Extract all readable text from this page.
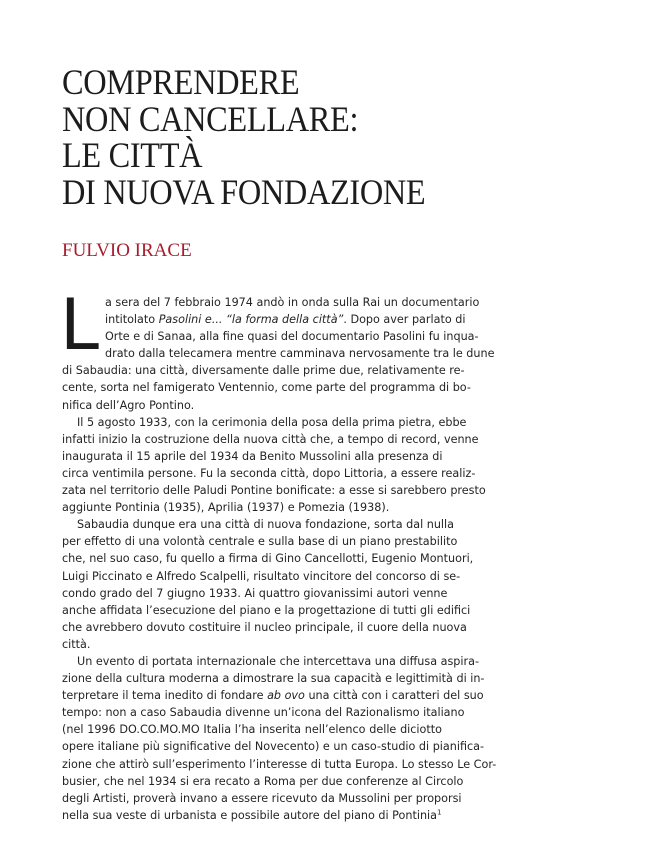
COMPRENDERE
NON CANCELLARE:
LE CITTÀ
DI NUOVA FONDAZIONE
FULVIO IRACE

L a sera del 7 febbraio 1974 andò in onda sulla Rai un documentario
intitolato Pasolini e... “la forma della città”. Dopo aver parlato di
Orte e di Sanaa, alla fine quasi del documentario Pasolini fu inqua-
drato dalla telecamera mentre camminava nervosamente tra le dune
di Sabaudia: una città, diversamente dalle prime due, relativamente re-
cente, sorta nel famigerato Ventennio, come parte del programma di bo-
nifica dell’Agro Pontino.

Il 5 agosto 1933, con la cerimonia della posa della prima pietra, ebbe
infatti inizio la costruzione della nuova città che, a tempo di record, venne
inaugurata il 15 aprile del 1934 da Benito Mussolini alla presenza di
circa ventimila persone. Fu la seconda città, dopo Littoria, a essere realiz-
zata nel territorio delle Paludi Pontine bonificate: a esse si sarebbero presto
aggiunte Pontinia (1935), Aprilia (1937) e Pomezia (1938).

Sabaudia dunque era una città di nuova fondazione, sorta dal nulla
per effetto di una volontà centrale e sulla base di un piano prestabilito
che, nel suo caso, fu quello a firma di Gino Cancellotti, Eugenio Montuori,
Luigi Piccinato e Alfredo Scalpelli, risultato vincitore del concorso di se-
condo grado del 7 giugno 1933. Ai quattro giovanissimi autori venne
anche affidata l’esecuzione del piano e la progettazione di tutti gli edifici
che avrebbero dovuto costituire il nucleo principale, il cuore della nuova
città.

Un evento di portata internazionale che intercettava una diffusa aspira-
zione della cultura moderna a dimostrare la sua capacità e legittimità di in-
terpretare il tema inedito di fondare ab ovo una città con i caratteri del suo
tempo: non a caso Sabaudia divenne un’icona del Razionalismo italiano
(nel 1996 DO.CO.MO.MO Italia l’ha inserita nell’elenco delle diciotto
opere italiane più significative del Novecento) e un caso-studio di pianifica-
zione che attirò sull’esperimento l’interesse di tutta Europa. Lo stesso Le Cor-
busier, che nel 1934 si era recato a Roma per due conferenze al Circolo
degli Artisti, proverà invano a essere ricevuto da Mussolini per proporsi
nella sua veste di urbanista e possibile autore del piano di Pontinia$^1$
